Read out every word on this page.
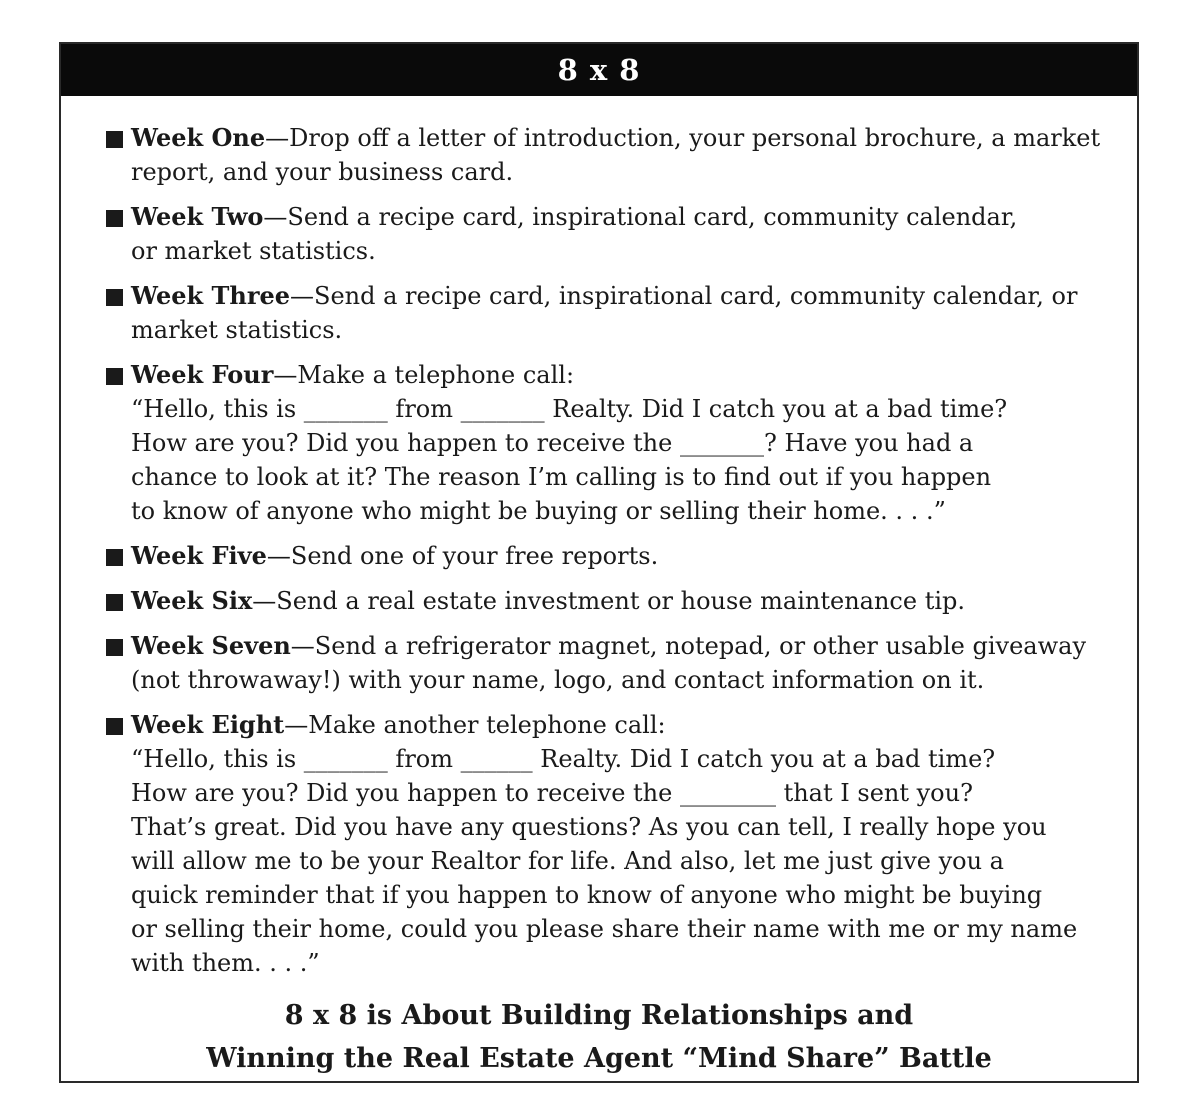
8 x 8
Week One—Drop off a letter of introduction, your personal brochure, a market
report, and your business card.
Week Two—Send a recipe card, inspirational card, community calendar,
or market statistics.
Week Three—Send a recipe card, inspirational card, community calendar, or
market statistics.
Week Four—Make a telephone call:
“Hello, this is _______ from _______ Realty. Did I catch you at a bad time?
How are you? Did you happen to receive the _______? Have you had a
chance to look at it? The reason I’m calling is to find out if you happen
to know of anyone who might be buying or selling their home. . . .”
Week Five—Send one of your free reports.
Week Six—Send a real estate investment or house maintenance tip.
Week Seven—Send a refrigerator magnet, notepad, or other usable giveaway
(not throwaway!) with your name, logo, and contact information on it.
Week Eight—Make another telephone call:
“Hello, this is _______ from ______ Realty. Did I catch you at a bad time?
How are you? Did you happen to receive the ________ that I sent you?
That’s great. Did you have any questions? As you can tell, I really hope you
will allow me to be your Realtor for life. And also, let me just give you a
quick reminder that if you happen to know of anyone who might be buying
or selling their home, could you please share their name with me or my name
with them. . . .”
8 x 8 is About Building Relationships and
Winning the Real Estate Agent “Mind Share” Battle
